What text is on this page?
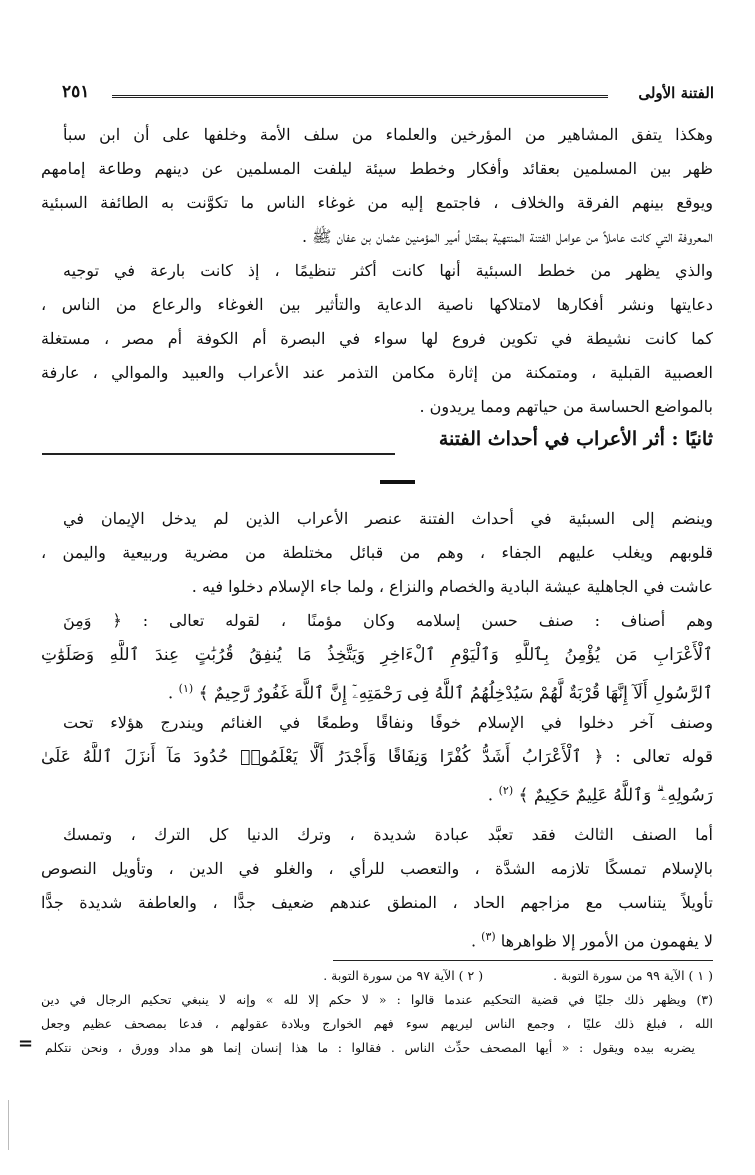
الفتنة الأولى
٢٥١
وهكذا يتفق المشاهير من المؤرخين والعلماء من سلف الأمة وخلفها على أن ابن سبأ
ظهر بين المسلمين بعقائد وأفكار وخطط سيئة ليلفت المسلمين عن دينهم وطاعة إمامهم
ويوقع بينهم الفرقة والخلاف ، فاجتمع إليه من غوغاء الناس ما تكوَّنت به الطائفة السبئية
المعروفة التي كانت عاملاً من عوامل الفتنة المنتهية بمقتل أمير المؤمنين عثمان بن عفان ﷺ .
والذي يظهر من خطط السبئية أنها كانت أكثر تنظيمًا ، إذ كانت بارعة في توجيه
دعايتها ونشر أفكارها لامتلاكها ناصية الدعاية والتأثير بين الغوغاء والرعاع من الناس ،
كما كانت نشيطة في تكوين فروع لها سواء في البصرة أم الكوفة أم مصر ، مستغلة
العصبية القبلية ، ومتمكنة من إثارة مكامن التذمر عند الأعراب والعبيد والموالي ، عارفة
بالمواضع الحساسة من حياتهم ومما يريدون .
ثانيًا : أثر الأعراب في أحداث الفتنة
وينضم إلى السبئية في أحداث الفتنة عنصر الأعراب الذين لم يدخل الإيمان في
قلوبهم ويغلب عليهم الجفاء ، وهم من قبائل مختلطة من مضرية وربيعية واليمن ،
عاشت في الجاهلية عيشة البادية والخصام والنزاع ، ولما جاء الإسلام دخلوا فيه .
وهم أصناف : صنف حسن إسلامه وكان مؤمنًا ، لقوله تعالى : ﴿ وَمِنَ
ٱلْأَعْرَابِ مَن يُؤْمِنُ بِٱللَّهِ وَٱلْيَوْمِ ٱلْءَاخِرِ وَيَتَّخِذُ مَا يُنفِقُ قُرُبَٰتٍ عِندَ ٱللَّهِ وَصَلَوَٰتِ
ٱلرَّسُولِ أَلَآ إِنَّهَا قُرْبَةٌ لَّهُمْ سَيُدْخِلُهُمُ ٱللَّهُ فِى رَحْمَتِهِۦٓ إِنَّ ٱللَّهَ غَفُورٌ رَّحِيمٌ ﴾ $^{(١)}$ .
وصنف آخر دخلوا في الإسلام خوفًا ونفاقًا وطمعًا في الغنائم ويندرج هؤلاء تحت
قوله تعالى : ﴿ ٱلْأَعْرَابُ أَشَدُّ كُفْرًا وَنِفَاقًا وَأَجْدَرُ أَلَّا يَعْلَمُوا۟ حُدُودَ مَآ أَنزَلَ ٱللَّهُ عَلَىٰ
رَسُولِهِۦ ۗ وَٱللَّهُ عَلِيمٌ حَكِيمٌ ﴾ $^{(٢)}$ .
أما الصنف الثالث فقد تعبَّد عبادة شديدة ، وترك الدنيا كل الترك ، وتمسك
بالإسلام تمسكًا تلازمه الشدَّة ، والتعصب للرأي ، والغلو في الدين ، وتأويل النصوص
تأويلاً يتناسب مع مزاجهم الحاد ، المنطق عندهم ضعيف جدًّا ، والعاطفة شديدة جدًّا
لا يفهمون من الأمور إلا ظواهرها $^{(٣)}$ .
( ١ ) الآية ٩٩ من سورة التوبة .( ٢ ) الآية ٩٧ من سورة التوبة .
(٣) ويظهر ذلك جليًا في قضية التحكيم عندما قالوا : « لا حكم إلا لله » وإنه لا ينبغي تحكيم الرجال في دين
الله ، فبلغ ذلك عليًا ، وجمع الناس ليريهم سوء فهم الخوارج وبلادة عقولهم ، فدعا بمصحف عظيم وجعل
يضربه بيده ويقول : « أيها المصحف حدِّث الناس . فقالوا : ما هذا إنسان إنما هو مداد وورق ، ونحن نتكلم
=
